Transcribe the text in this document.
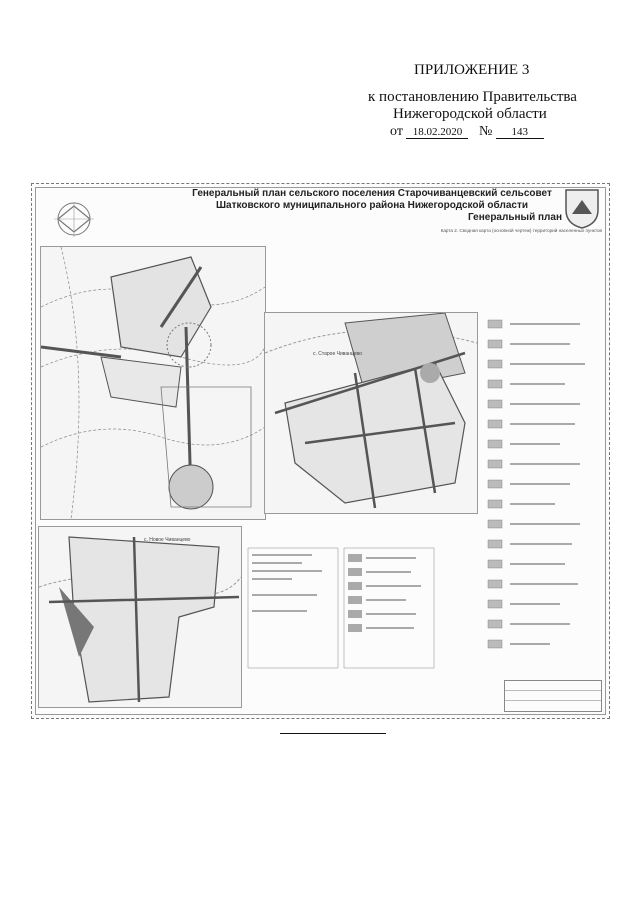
ПРИЛОЖЕНИЕ 3
к постановлению Правительства
Нижегородской области
от 18.02.2020 № 143
Генеральный план сельского поселения Старочиванцевский сельсовет
Шатковского муниципального района Нижегородской области
Генеральный план
Карта 2. Сводная карта (основной чертеж) территорий населенных пунктов
с. Старое Чиванцево
с. Новое Чиванцево
